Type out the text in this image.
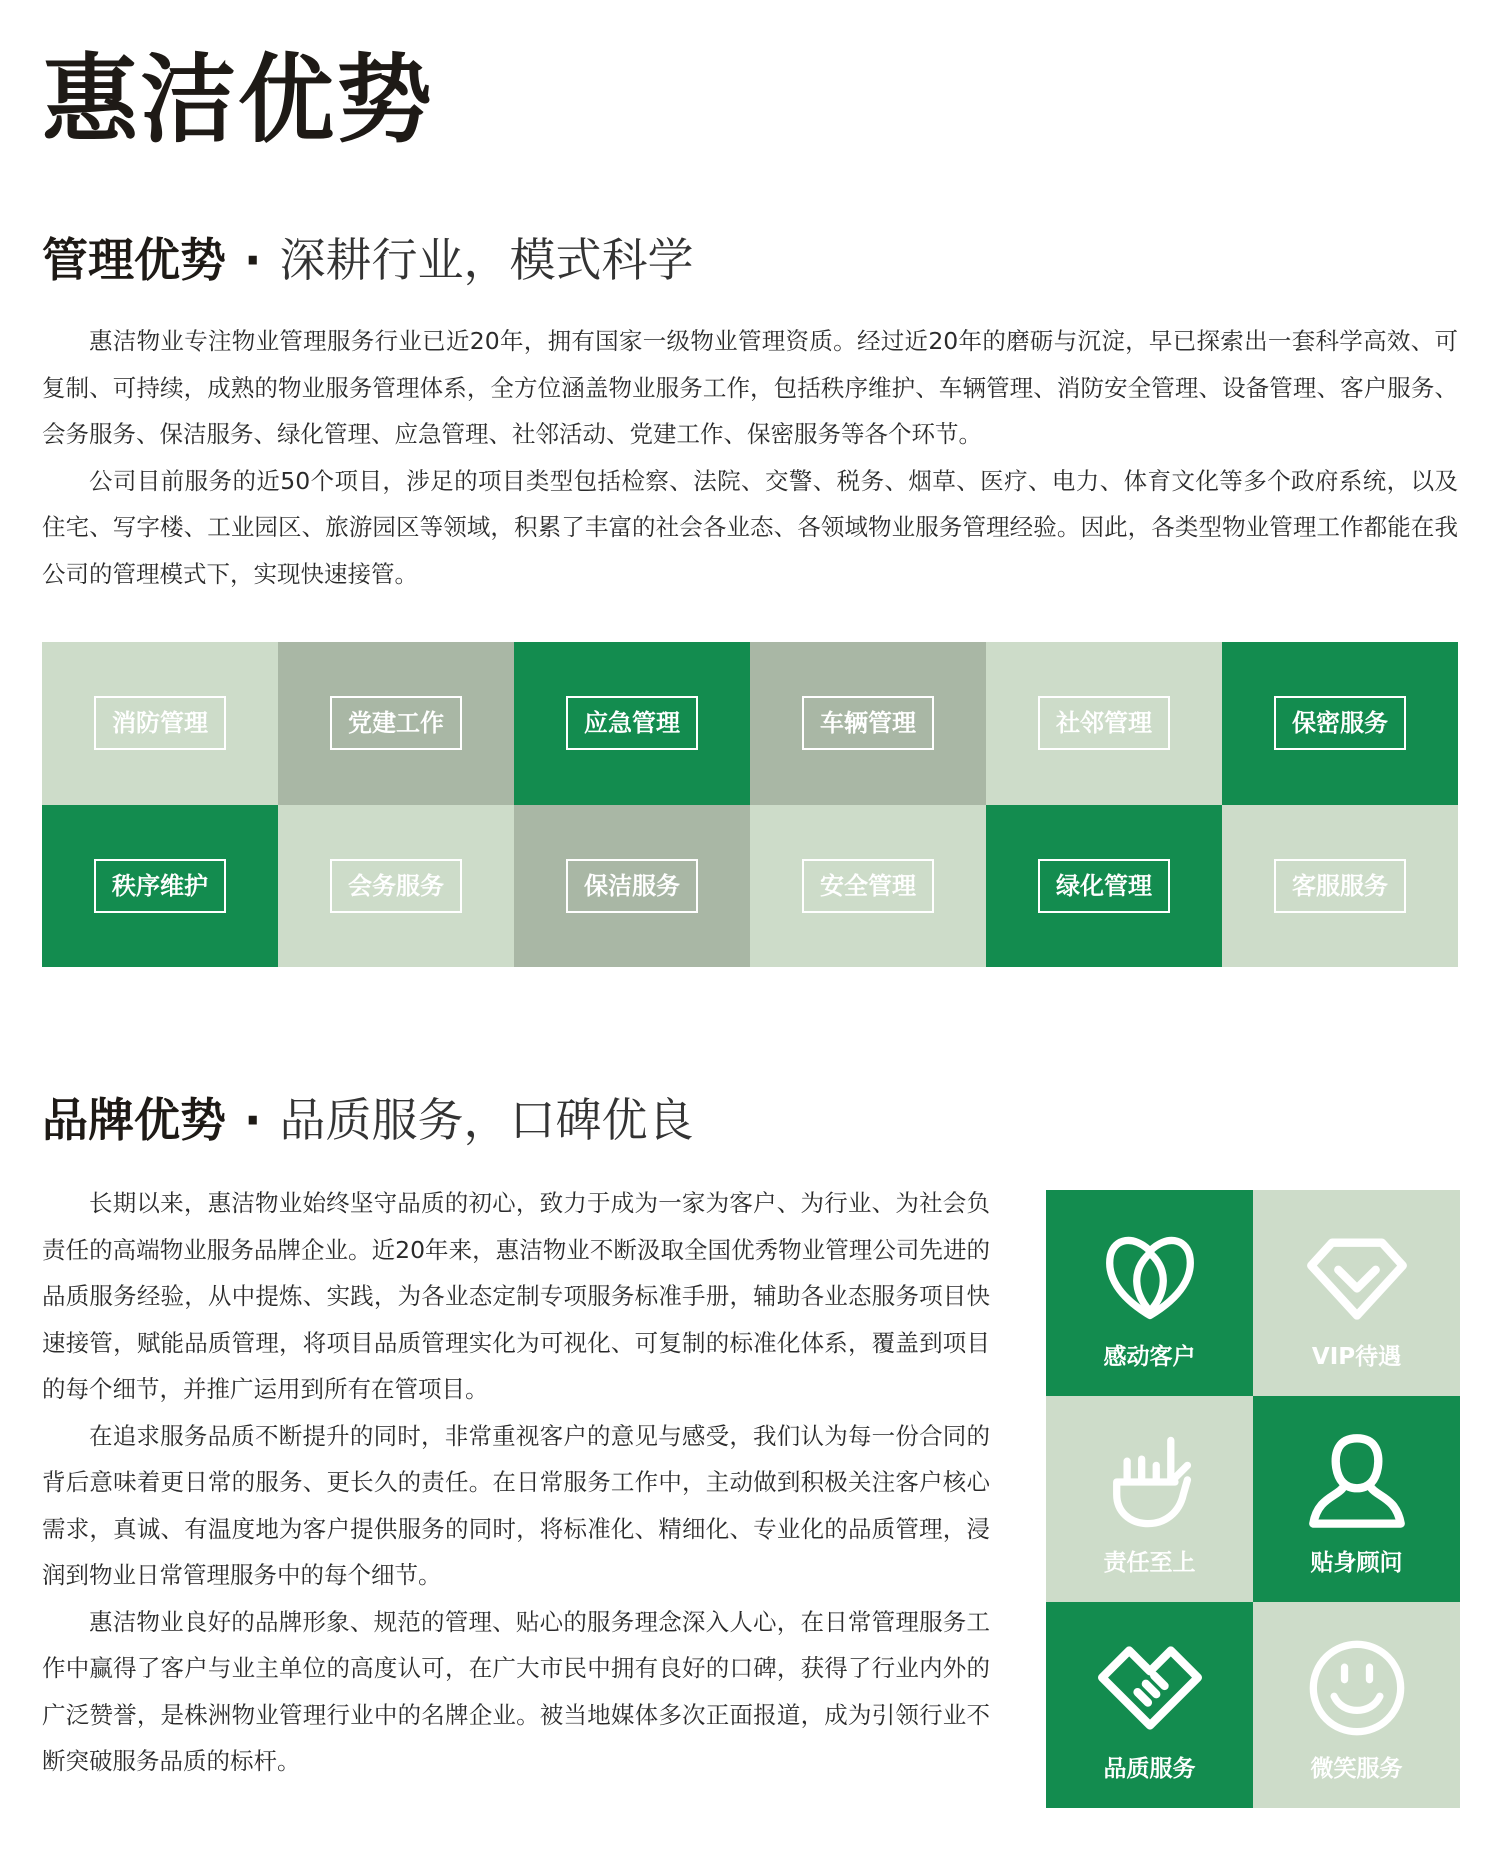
惠洁优势
管理优势 · 深耕行业，模式科学

惠洁物业专注物业管理服务行业已近20年，拥有国家一级物业管理资质。经过近20年的磨砺与沉淀，早已探索出一套科学高效、可复制、可持续，成熟的物业服务管理体系，全方位涵盖物业服务工作，包括秩序维护、车辆管理、消防安全管理、设备管理、客户服务、会务服务、保洁服务、绿化管理、应急管理、社邻活动、党建工作、保密服务等各个环节。

公司目前服务的近50个项目，涉足的项目类型包括检察、法院、交警、税务、烟草、医疗、电力、体育文化等多个政府系统，以及住宅、写字楼、工业园区、旅游园区等领域，积累了丰富的社会各业态、各领域物业服务管理经验。因此，各类型物业管理工作都能在我公司的管理模式下，实现快速接管。

消防管理	党建工作	应急管理	车辆管理	社邻管理	保密服务
秩序维护	会务服务	保洁服务	安全管理	绿化管理	客服服务
品牌优势 · 品质服务，口碑优良

长期以来，惠洁物业始终坚守品质的初心，致力于成为一家为客户、为行业、为社会负责任的高端物业服务品牌企业。近20年来，惠洁物业不断汲取全国优秀物业管理公司先进的品质服务经验，从中提炼、实践，为各业态定制专项服务标准手册，辅助各业态服务项目快速接管，赋能品质管理，将项目品质管理实化为可视化、可复制的标准化体系，覆盖到项目的每个细节，并推广运用到所有在管项目。

在追求服务品质不断提升的同时，非常重视客户的意见与感受，我们认为每一份合同的背后意味着更日常的服务、更长久的责任。在日常服务工作中，主动做到积极关注客户核心需求，真诚、有温度地为客户提供服务的同时，将标准化、精细化、专业化的品质管理，浸润到物业日常管理服务中的每个细节。

惠洁物业良好的品牌形象、规范的管理、贴心的服务理念深入人心，在日常管理服务工作中赢得了客户与业主单位的高度认可，在广大市民中拥有良好的口碑，获得了行业内外的广泛赞誉，是株洲物业管理行业中的名牌企业。被当地媒体多次正面报道，成为引领行业不断突破服务品质的标杆。

感动客户	VIP待遇
责任至上	贴身顾问
品质服务	微笑服务
